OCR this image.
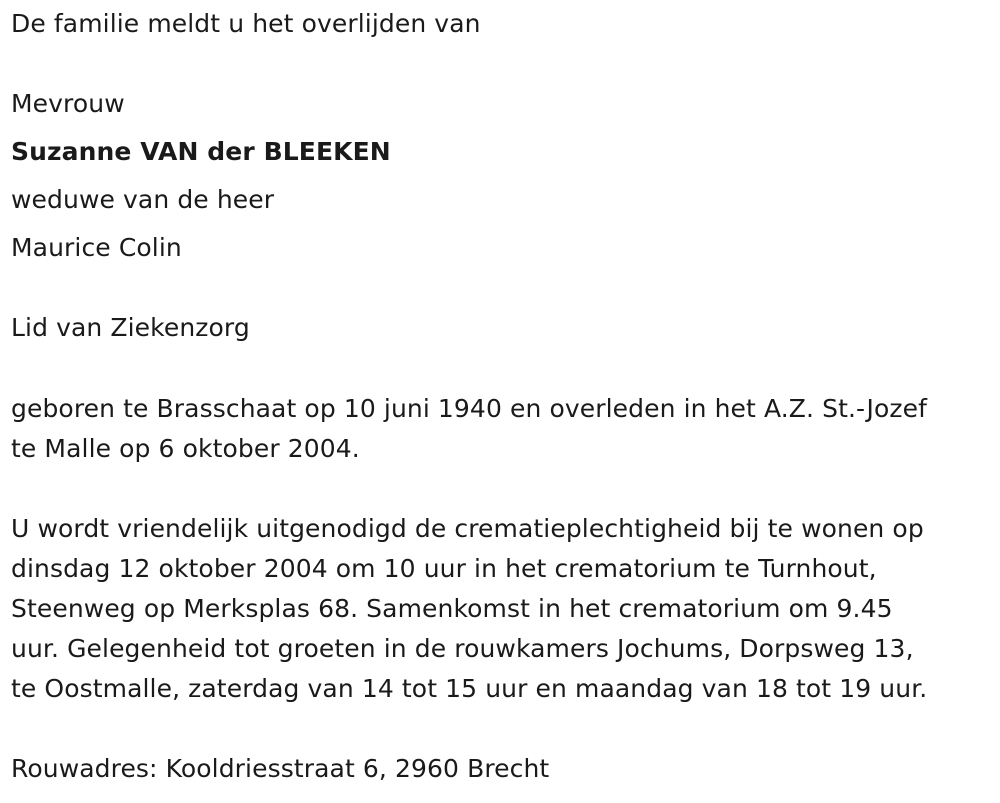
De familie meldt u het overlijden van
Mevrouw
Suzanne VAN der BLEEKEN
weduwe van de heer
Maurice Colin
Lid van Ziekenzorg
geboren te Brasschaat op 10 juni 1940 en overleden in het A.Z. St.-Jozef
te Malle op 6 oktober 2004.
U wordt vriendelijk uitgenodigd de crematieplechtigheid bij te wonen op
dinsdag 12 oktober 2004 om 10 uur in het crematorium te Turnhout,
Steenweg op Merksplas 68. Samenkomst in het crematorium om 9.45
uur. Gelegenheid tot groeten in de rouwkamers Jochums, Dorpsweg 13,
te Oostmalle, zaterdag van 14 tot 15 uur en maandag van 18 tot 19 uur.
Rouwadres: Kooldriesstraat 6, 2960 Brecht
